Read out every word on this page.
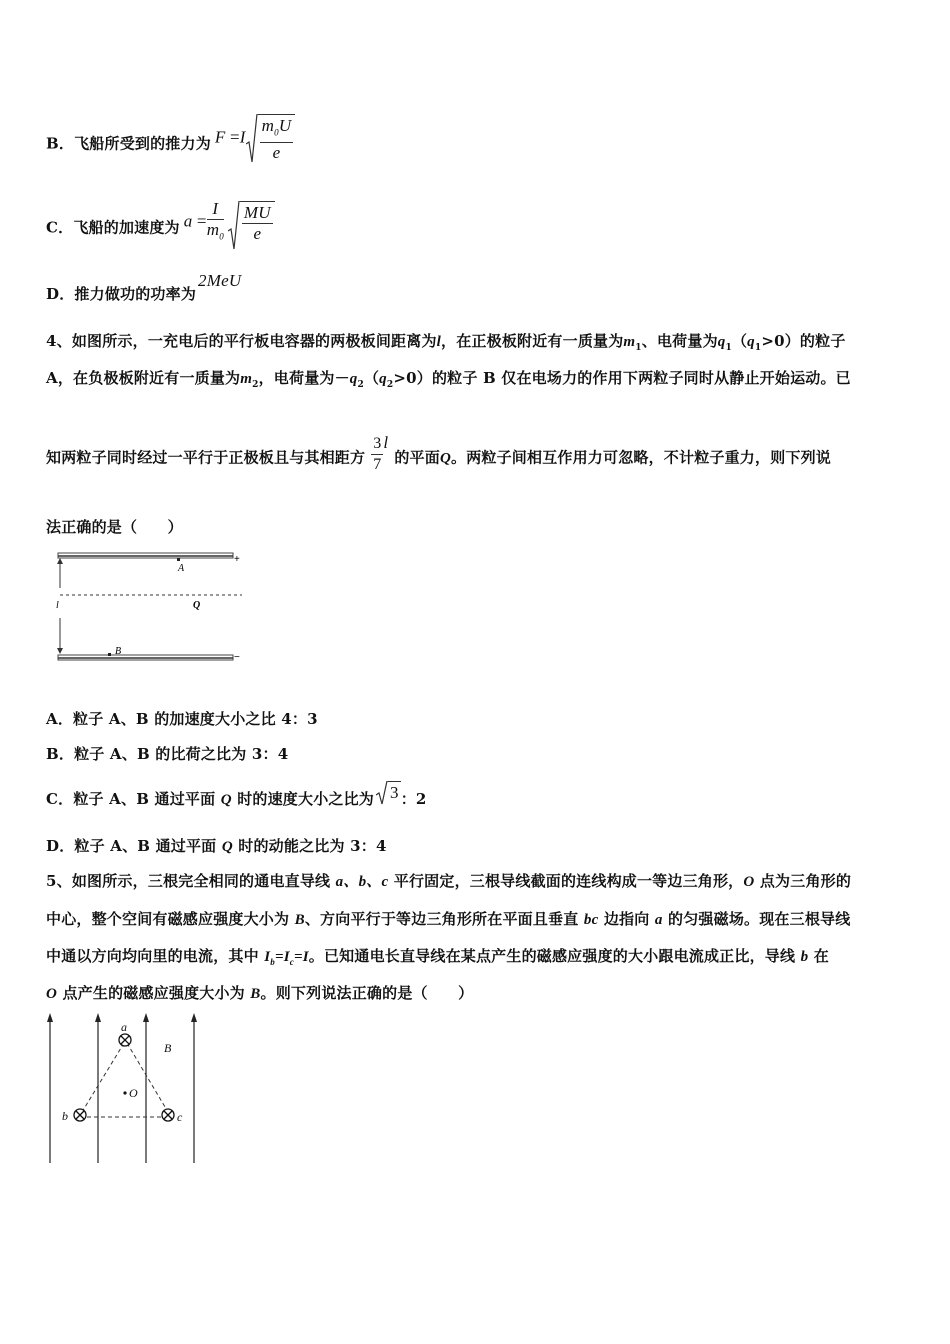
B．飞船所受到的推力为 $F =I \frac{m_0U}{e}$
C．飞船的加速度为 $a = \frac{I}{m_0} \frac{MU}{e}$
D．推力做功的功率为2MeU
4、如图所示，一充电后的平行板电容器的两极板间距离为l，在正极板附近有一质量为$m_1$、电荷量为$q_1(q_1>0)$的粒子
A，在负极板附近有一质量为$m_2$，电荷量为$-q_2(q_2>0)$的粒子 B 仅在电场力的作用下两粒子同时从静止开始运动。已
知两粒子同时经过一平行于正极板且与其相距方 $\frac{3}{7}$ l的平面Q。两粒子间相互作用力可忽略，不计粒子重力，则下列说
法正确的是（　　）
A
B
Q
l
+
−
A．粒子 A、B 的加速度大小之比 4：3
B．粒子 A、B 的比荷之比为 3：4
C．粒子 A、B 通过平面 Q 时的速度大小之比为 3 ：2
D．粒子 A、B 通过平面 Q 时的动能之比为 3：4
5、如图所示，三根完全相同的通电直导线 a、b、c 平行固定，三根导线截面的连线构成一等边三角形，O 点为三角形的
中心，整个空间有磁感应强度大小为 B、方向平行于等边三角形所在平面且垂直 bc 边指向 a 的匀强磁场。现在三根导线
中通以方向均向里的电流，其中 $I_b=I_c=I$。已知通电长直导线在某点产生的磁感应强度的大小跟电流成正比，导线 b 在
O 点产生的磁感应强度大小为 B。则下列说法正确的是（　　）
a
b	c
O
B
